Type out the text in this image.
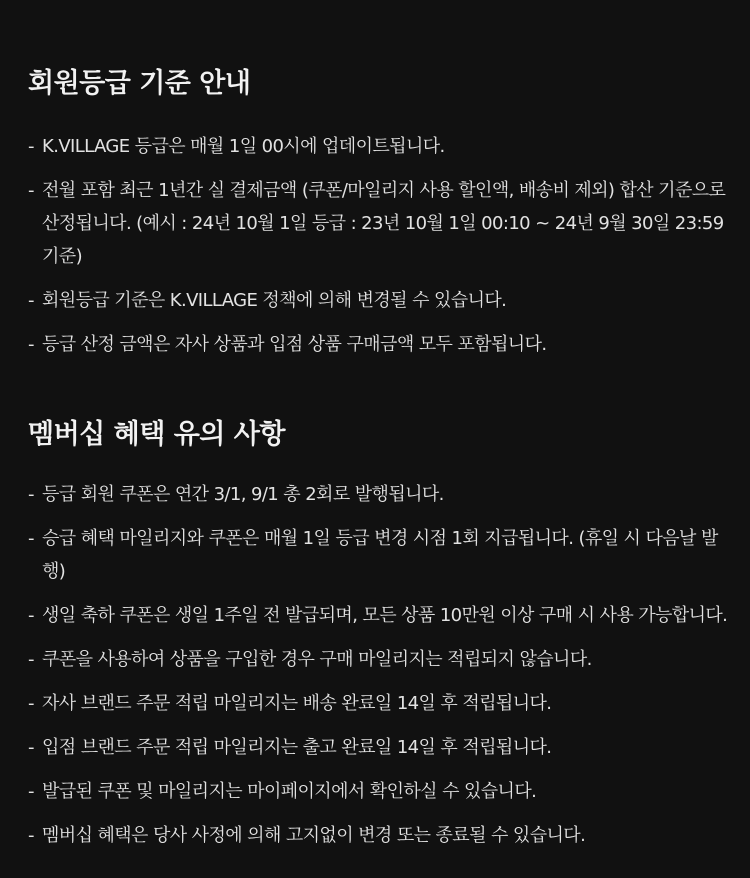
회원등급 기준 안내
- K.VILLAGE 등급은 매월 1일 00시에 업데이트됩니다.
- 전월 포함 최근 1년간 실 결제금액 (쿠폰/마일리지 사용 할인액, 배송비 제외) 합산 기준으로 산정됩니다. (예시 : 24년 10월 1일 등급 : 23년 10월 1일 00:10 ~ 24년 9월 30일 23:59 기준)
- 회원등급 기준은 K.VILLAGE 정책에 의해 변경될 수 있습니다.
- 등급 산정 금액은 자사 상품과 입점 상품 구매금액 모두 포함됩니다.
멤버십 혜택 유의 사항
- 등급 회원 쿠폰은 연간 3/1, 9/1 총 2회로 발행됩니다.
- 승급 혜택 마일리지와 쿠폰은 매월 1일 등급 변경 시점 1회 지급됩니다. (휴일 시 다음날 발행)
- 생일 축하 쿠폰은 생일 1주일 전 발급되며, 모든 상품 10만원 이상 구매 시 사용 가능합니다.
- 쿠폰을 사용하여 상품을 구입한 경우 구매 마일리지는 적립되지 않습니다.
- 자사 브랜드 주문 적립 마일리지는 배송 완료일 14일 후 적립됩니다.
- 입점 브랜드 주문 적립 마일리지는 출고 완료일 14일 후 적립됩니다.
- 발급된 쿠폰 및 마일리지는 마이페이지에서 확인하실 수 있습니다.
- 멤버십 혜택은 당사 사정에 의해 고지없이 변경 또는 종료될 수 있습니다.
